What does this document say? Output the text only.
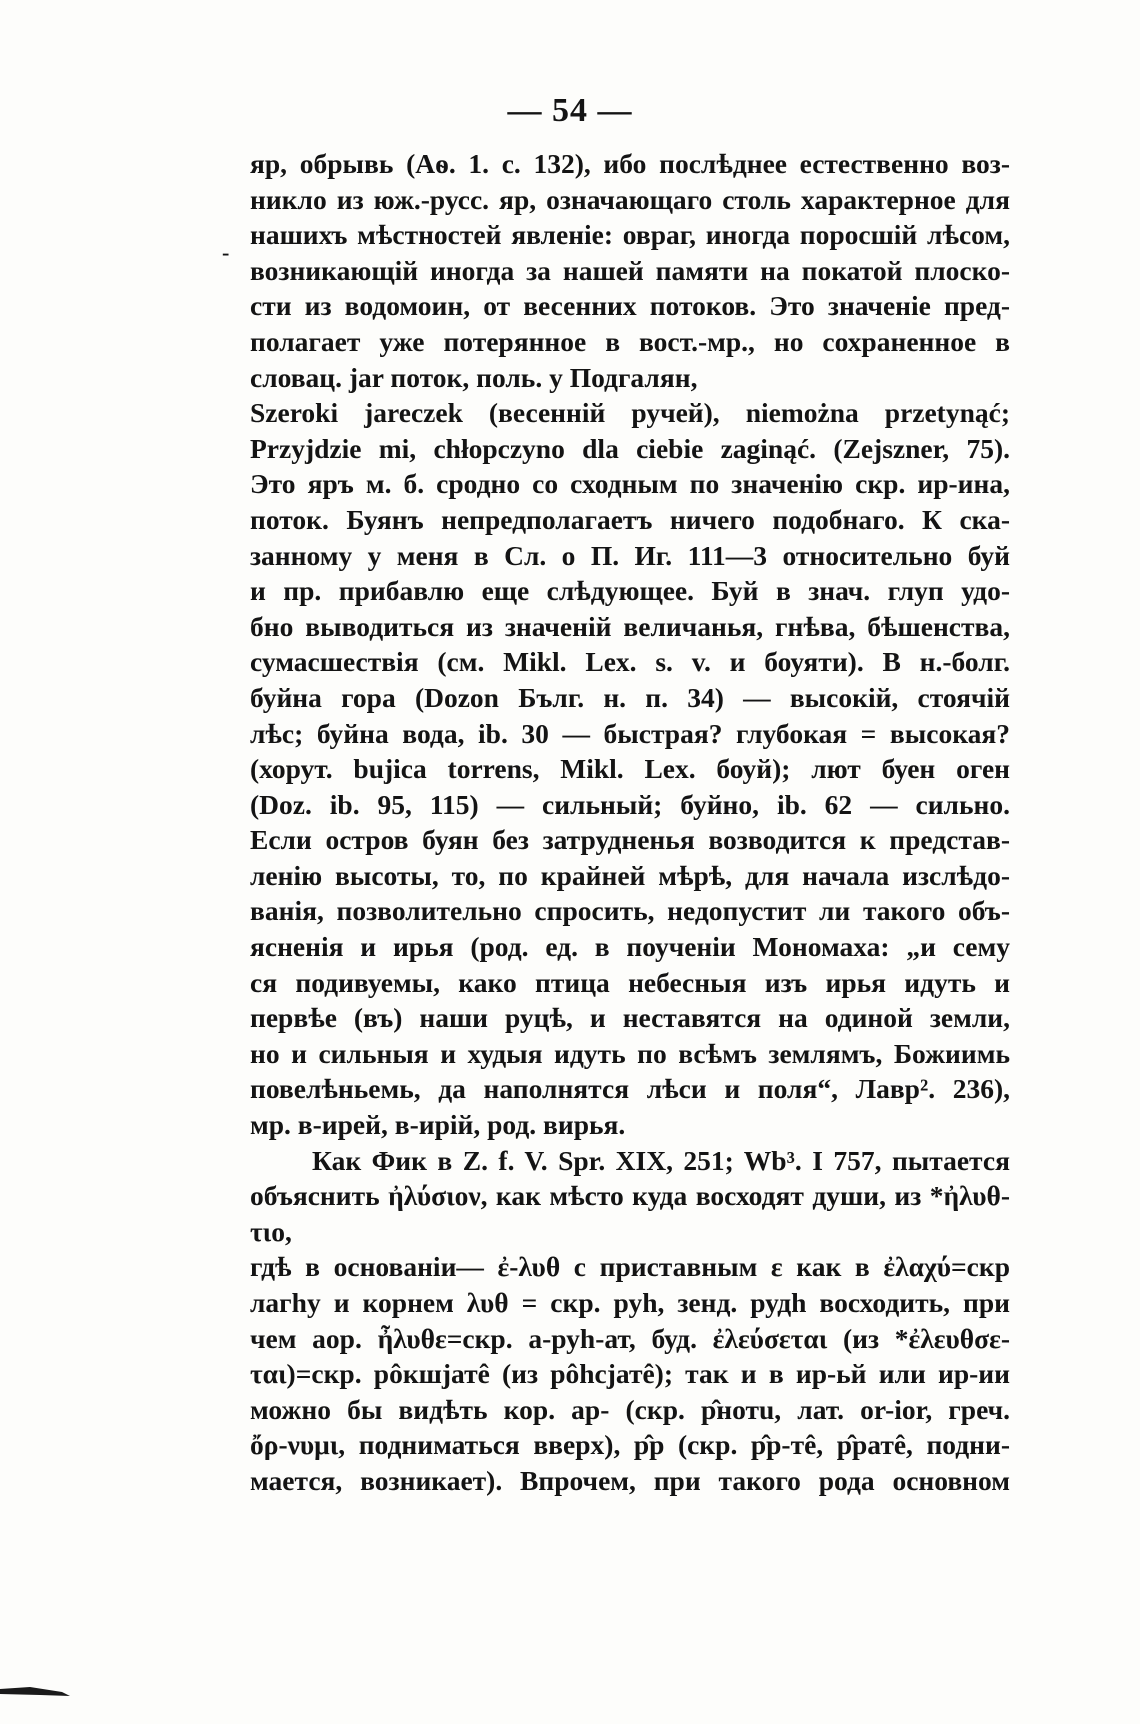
— 54 —
-

яр, обрывь (Аѳ. 1. с. 132), ибо послѣднее естественно воз-

никло из юж.-русс. яр, означающаго столь характерное для

нашихъ мѣстностей явленіе: овраг, иногда поросшій лѣсом,

возникающій иногда за нашей памяти на покатой плоско-

сти из водомоин, от весенних потоков. Это значеніе пред-

полагает уже потерянное в вост.-мр., но сохраненное в

словац. jar поток, поль. у Подгалян,

Szeroki jareczek (весенній ручей), niemożna przetynąć;

Przyjdzie mi, chłopczyno dla ciebie zaginąć. (Zejszner, 75).

Это яръ м. б. сродно со сходным по значенію скр. ир-ина,

поток. Буянъ непредполагаетъ ничего подобнаго. К ска-

занному у меня в Сл. о П. Иг. 111—3 относительно буй

и пр. прибавлю еще слѣдующее. Буй в знач. глуп удо-

бно выводиться из значеній величанья, гнѣва, бѣшенства,

сумасшествія (см. Mikl. Lex. s. v. и боуяти). В н.-болг.

буйна гора (Dozon Бълг. н. п. 34) — высокій, стоячій

лѣс; буйна вода, ib. 30 — быстрая? глубокая = высокая?

(хорут. bujica torrens, Mikl. Lex. боуй); лют буен оген

(Doz. ib. 95, 115) — сильный; буйно, ib. 62 — сильно.

Если остров буян без затрудненья возводится к представ-

ленію высоты, то, по крайней мѣрѣ, для начала изслѣдо-

ванія, позволительно спросить, недопустит ли такого объ-

ясненія и ирья (род. ед. в поученіи Мономаха: „и сему

ся подивуемы, како птица небесныя изъ ирья идуть и

первѣе (въ) наши руцѣ, и неставятся на одиной земли,

но и сильныя и худыя идуть по всѣмъ землямъ, Божиимь

повелѣньемь, да наполнятся лѣси и поля“, Лавр². 236),

мр. в-ирей, в-ирій, род. вирья.

Как Фик в Z. f. V. Spr. XIX, 251; Wb³. I 757, пытается

объяснить ἠλύσιον, как мѣсто куда восходят души, из *ἠλυθ-τιο,

гдѣ в основаніи— ἐ-λυθ с приставным ε как в ἐλαχύ=скр

лагhу и корнем λυθ = скр. руh, зенд. рудh восходить, при

чем аор. ἦλυθε=скр. а-руh-ат, буд. ἐλεύσεται (из *ἐλευθσε-

ται)=скр. рôкшјатê (из рôhсјатê); так и в ир-ьй или ир-ии

можно бы видѣть кор. ар- (скр. р̂нотu, лат. or-ior, греч.

ὄρ-νυμι, подниматься вверх), р̂р (скр. р̂р-тê, р̂ратê, подни-

мается, возникает). Впрочем, при такого рода основном
